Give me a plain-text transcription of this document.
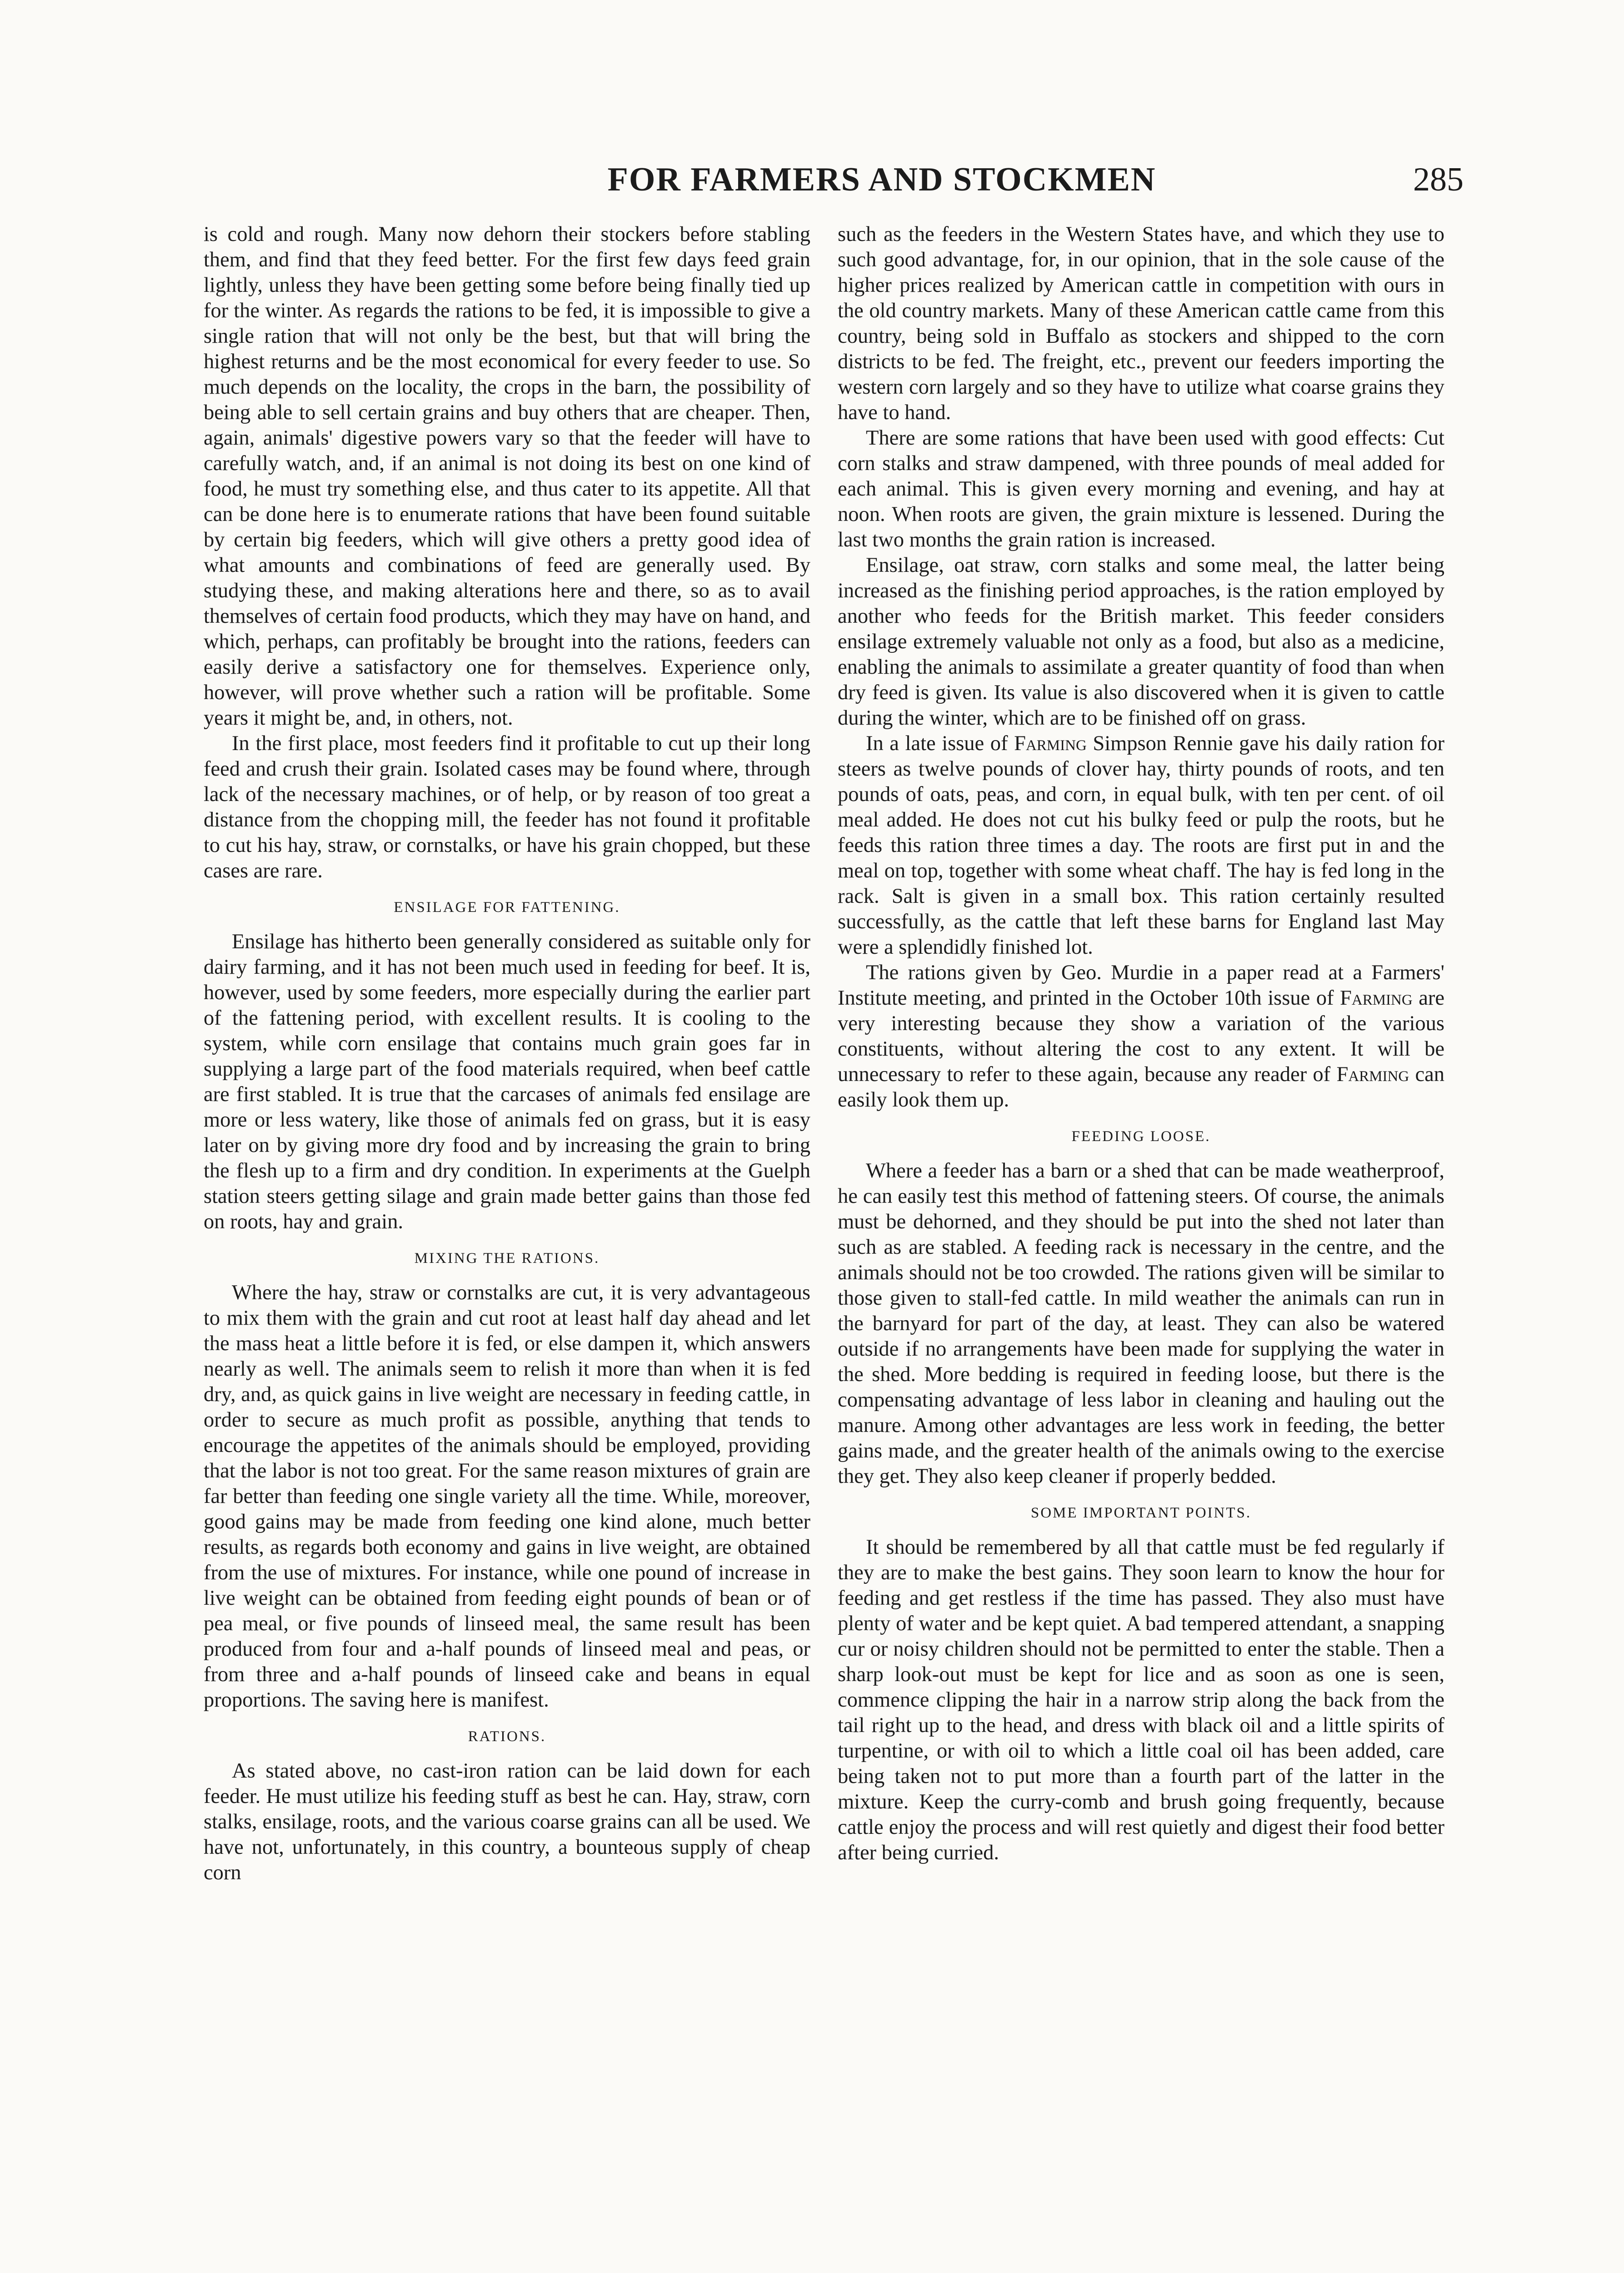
FOR FARMERS AND STOCKMEN	285

is cold and rough. Many now dehorn their stockers before stabling them, and find that they feed better. For the first few days feed grain lightly, unless they have been getting some before being finally tied up for the winter. As regards the rations to be fed, it is impossible to give a single ration that will not only be the best, but that will bring the highest returns and be the most economical for every feeder to use. So much depends on the locality, the crops in the barn, the possibility of being able to sell certain grains and buy others that are cheaper. Then, again, animals' digestive powers vary so that the feeder will have to carefully watch, and, if an animal is not doing its best on one kind of food, he must try something else, and thus cater to its appetite. All that can be done here is to enumerate rations that have been found suitable by certain big feeders, which will give others a pretty good idea of what amounts and combinations of feed are generally used. By studying these, and making alterations here and there, so as to avail themselves of certain food products, which they may have on hand, and which, perhaps, can profitably be brought into the rations, feeders can easily derive a satisfactory one for themselves. Experience only, however, will prove whether such a ration will be profitable. Some years it might be, and, in others, not.

In the first place, most feeders find it profitable to cut up their long feed and crush their grain. Isolated cases may be found where, through lack of the necessary machines, or of help, or by reason of too great a distance from the chopping mill, the feeder has not found it profitable to cut his hay, straw, or cornstalks, or have his grain chopped, but these cases are rare.

ENSILAGE FOR FATTENING.

Ensilage has hitherto been generally considered as suitable only for dairy farming, and it has not been much used in feeding for beef. It is, however, used by some feeders, more especially during the earlier part of the fattening period, with excellent results. It is cooling to the system, while corn ensilage that contains much grain goes far in supplying a large part of the food materials required, when beef cattle are first stabled. It is true that the carcases of animals fed ensilage are more or less watery, like those of animals fed on grass, but it is easy later on by giving more dry food and by increasing the grain to bring the flesh up to a firm and dry condition. In experiments at the Guelph station steers getting silage and grain made better gains than those fed on roots, hay and grain.

MIXING THE RATIONS.

Where the hay, straw or cornstalks are cut, it is very advantageous to mix them with the grain and cut root at least half day ahead and let the mass heat a little before it is fed, or else dampen it, which answers nearly as well. The animals seem to relish it more than when it is fed dry, and, as quick gains in live weight are necessary in feeding cattle, in order to secure as much profit as possible, anything that tends to encourage the appetites of the animals should be employed, providing that the labor is not too great. For the same reason mixtures of grain are far better than feeding one single variety all the time. While, moreover, good gains may be made from feeding one kind alone, much better results, as regards both economy and gains in live weight, are obtained from the use of mixtures. For instance, while one pound of increase in live weight can be obtained from feeding eight pounds of bean or of pea meal, or five pounds of linseed meal, the same result has been produced from four and a-half pounds of linseed meal and peas, or from three and a-half pounds of linseed cake and beans in equal proportions. The saving here is manifest.

RATIONS.

As stated above, no cast-iron ration can be laid down for each feeder. He must utilize his feeding stuff as best he can. Hay, straw, corn stalks, ensilage, roots, and the various coarse grains can all be used. We have not, unfortunately, in this country, a bounteous supply of cheap corn

such as the feeders in the Western States have, and which they use to such good advantage, for, in our opinion, that in the sole cause of the higher prices realized by American cattle in competition with ours in the old country markets. Many of these American cattle came from this country, being sold in Buffalo as stockers and shipped to the corn districts to be fed. The freight, etc., prevent our feeders importing the western corn largely and so they have to utilize what coarse grains they have to hand.

There are some rations that have been used with good effects: Cut corn stalks and straw dampened, with three pounds of meal added for each animal. This is given every morning and evening, and hay at noon. When roots are given, the grain mixture is lessened. During the last two months the grain ration is increased.

Ensilage, oat straw, corn stalks and some meal, the latter being increased as the finishing period approaches, is the ration employed by another who feeds for the British market. This feeder considers ensilage extremely valuable not only as a food, but also as a medicine, enabling the animals to assimilate a greater quantity of food than when dry feed is given. Its value is also discovered when it is given to cattle during the winter, which are to be finished off on grass.

In a late issue of Farming Simpson Rennie gave his daily ration for steers as twelve pounds of clover hay, thirty pounds of roots, and ten pounds of oats, peas, and corn, in equal bulk, with ten per cent. of oil meal added. He does not cut his bulky feed or pulp the roots, but he feeds this ration three times a day. The roots are first put in and the meal on top, together with some wheat chaff. The hay is fed long in the rack. Salt is given in a small box. This ration certainly resulted successfully, as the cattle that left these barns for England last May were a splendidly finished lot.

The rations given by Geo. Murdie in a paper read at a Farmers' Institute meeting, and printed in the October 10th issue of Farming are very interesting because they show a variation of the various constituents, without altering the cost to any extent. It will be unnecessary to refer to these again, because any reader of Farming can easily look them up.

FEEDING LOOSE.

Where a feeder has a barn or a shed that can be made weatherproof, he can easily test this method of fattening steers. Of course, the animals must be dehorned, and they should be put into the shed not later than such as are stabled. A feeding rack is necessary in the centre, and the animals should not be too crowded. The rations given will be similar to those given to stall-fed cattle. In mild weather the animals can run in the barnyard for part of the day, at least. They can also be watered outside if no arrangements have been made for supplying the water in the shed. More bedding is required in feeding loose, but there is the compensating advantage of less labor in cleaning and hauling out the manure. Among other advantages are less work in feeding, the better gains made, and the greater health of the animals owing to the exercise they get. They also keep cleaner if properly bedded.

SOME IMPORTANT POINTS.

It should be remembered by all that cattle must be fed regularly if they are to make the best gains. They soon learn to know the hour for feeding and get restless if the time has passed. They also must have plenty of water and be kept quiet. A bad tempered attendant, a snapping cur or noisy children should not be permitted to enter the stable. Then a sharp look-out must be kept for lice and as soon as one is seen, commence clipping the hair in a narrow strip along the back from the tail right up to the head, and dress with black oil and a little spirits of turpentine, or with oil to which a little coal oil has been added, care being taken not to put more than a fourth part of the latter in the mixture. Keep the curry-comb and brush going frequently, because cattle enjoy the process and will rest quietly and digest their food better after being curried.
